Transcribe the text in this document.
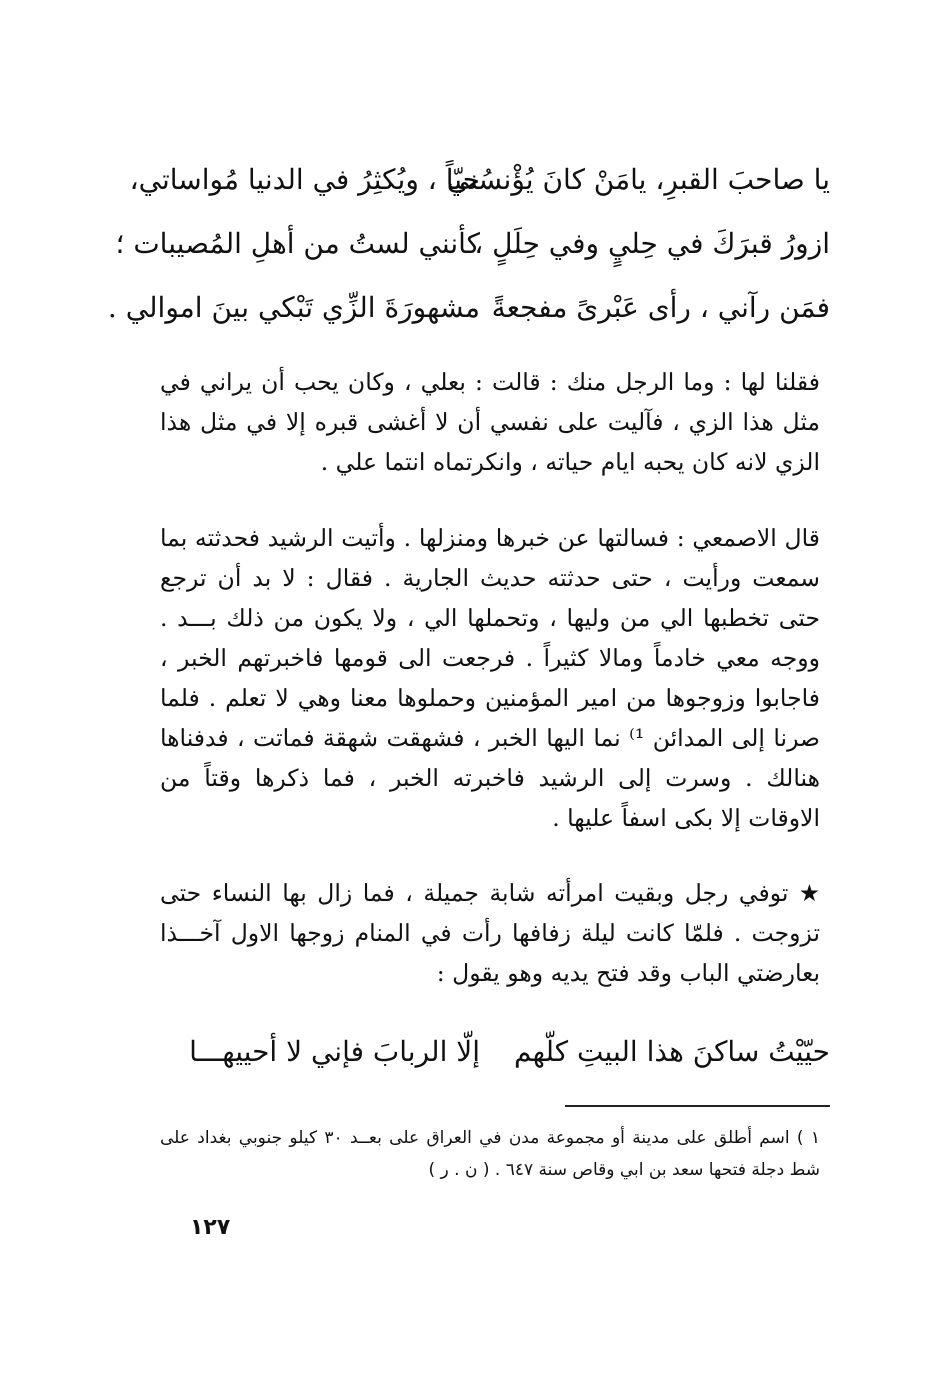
يا صاحبَ القبرِ، يامَنْ كانَ يُؤْنسُني
حيّاً ، ويُكثِرُ في الدنيا مُواساتي،
ازورُ قبرَكَ في حِليٍ وفي حِلَلٍ ،
كأنني لستُ من أهلِ المُصيبات ؛
فمَن رآني ، رأى عَبْرىً مفجعةً
مشهورَةَ الزِّي تَبْكي بينَ اموالي .

فقلنا لها : وما الرجل منك : قالت : بعلي ، وكان يحب أن يراني في مثل هذا الزي ، فآليت على نفسي أن لا أغشى قبره إلا في مثل هذا الزي لانه كان يحبه ايام حياته ، وانكرتماه انتما علي .

قال الاصمعي : فسالتها عن خبرها ومنزلها . وأتيت الرشيد فحدثته بما سمعت ورأيت ، حتى حدثته حديث الجارية . فقال : لا بد أن ترجع حتى تخطبها الي من وليها ، وتحملها الي ، ولا يكون من ذلك بـــد . ووجه معي خادماً ومالا كثيراً . فرجعت الى قومها فاخبرتهم الخبر ، فاجابوا وزوجوها من امير المؤمنين وحملوها معنا وهي لا تعلم . فلما صرنا إلى المدائن ¹⁾ نما اليها الخبر ، فشهقت شهقة فماتت ، فدفناها هنالك . وسرت إلى الرشيد فاخبرته الخبر ، فما ذكرها وقتاً من الاوقات إلا بكى اسفاً عليها .

★ توفي رجل وبقيت امرأته شابة جميلة ، فما زال بها النساء حتى تزوجت . فلمّا كانت ليلة زفافها رأت في المنام زوجها الاول آخـــذا بعارضتي الباب وقد فتح يديه وهو يقول :

حيّيْتُ ساكنَ هذا البيتِ كلّهم
إلّا الربابَ فإني لا أحييهـــا

١ ) اسم أطلق على مدينة أو مجموعة مدن في العراق على بعــد ٣٠ كيلو جنوبي بغداد على شط دجلة فتحها سعد بن ابي وقاص سنة ٦٤٧ . ( ن . ر )

١٢٧
